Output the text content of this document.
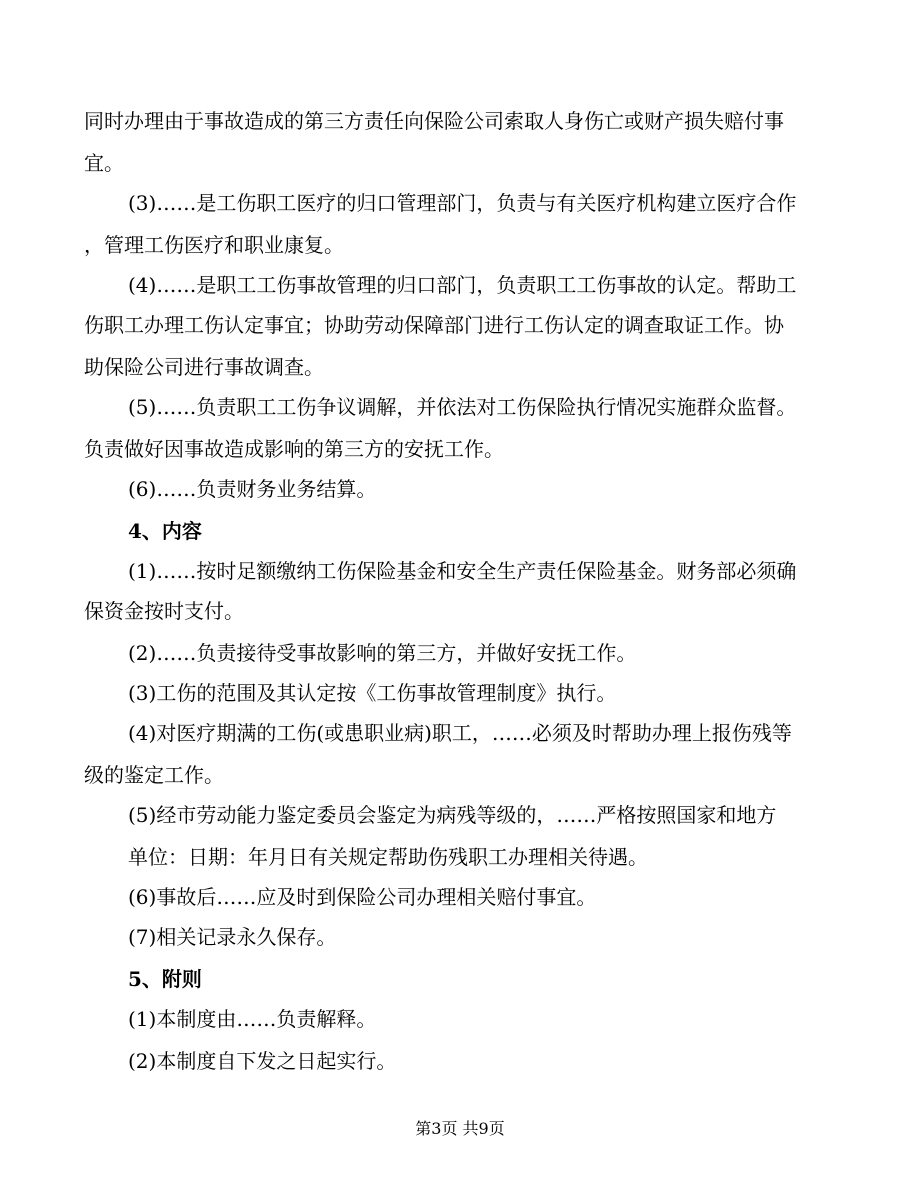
同时办理由于事故造成的第三方责任向保险公司索取人身伤亡或财产损失赔付事
宜。
(3)……是工伤职工医疗的归口管理部门，负责与有关医疗机构建立医疗合作
，管理工伤医疗和职业康复。
(4)……是职工工伤事故管理的归口部门，负责职工工伤事故的认定。帮助工
伤职工办理工伤认定事宜；协助劳动保障部门进行工伤认定的调查取证工作。协
助保险公司进行事故调查。
(5)……负责职工工伤争议调解，并依法对工伤保险执行情况实施群众监督。
负责做好因事故造成影响的第三方的安抚工作。
(6)……负责财务业务结算。
4、内容
(1)……按时足额缴纳工伤保险基金和安全生产责任保险基金。财务部必须确
保资金按时支付。
(2)……负责接待受事故影响的第三方，并做好安抚工作。
(3)工伤的范围及其认定按《工伤事故管理制度》执行。
(4)对医疗期满的工伤(或患职业病)职工，……必须及时帮助办理上报伤残等
级的鉴定工作。
(5)经市劳动能力鉴定委员会鉴定为病残等级的，……严格按照国家和地方
单位：日期：年月日有关规定帮助伤残职工办理相关待遇。
(6)事故后……应及时到保险公司办理相关赔付事宜。
(7)相关记录永久保存。
5、附则
(1)本制度由……负责解释。
(2)本制度自下发之日起实行。
第3页 共9页
